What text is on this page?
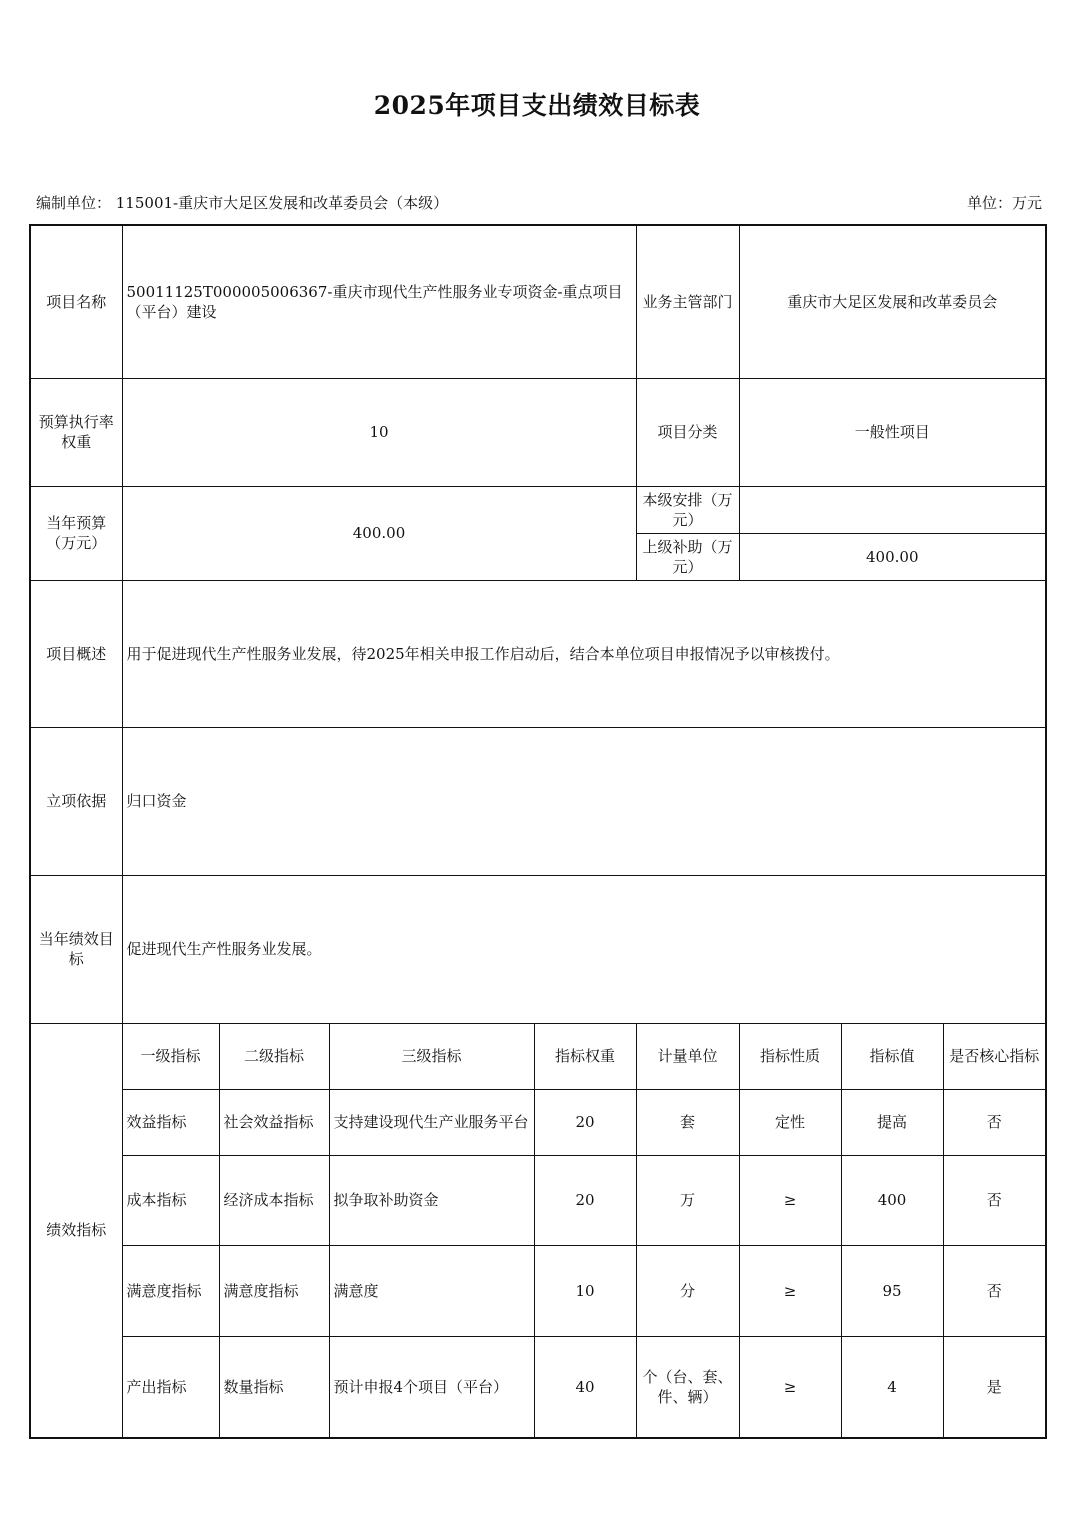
2025年项目支出绩效目标表
编制单位： 115001-重庆市大足区发展和改革委员会（本级）	单位：万元
项目名称	50011125T000005006367-重庆市现代生产性服务业专项资金-重点项目（平台）建设				业务主管部门	重庆市大足区发展和改革委员会		
预算执行率权重	10				项目分类	一般性项目		
当年预算（万元）	400.00				本级安排（万元）			
					上级补助（万元）	400.00		
项目概述	用于促进现代生产性服务业发展，待2025年相关申报工作启动后，结合本单位项目申报情况予以审核拨付。							
立项依据	归口资金							
当年绩效目标	促进现代生产性服务业发展。							
绩效指标	一级指标	二级指标	三级指标	指标权重	计量单位	指标性质	指标值	是否核心指标
	效益指标	社会效益指标	支持建设现代生产业服务平台	20	套	定性	提高	否
	成本指标	经济成本指标	拟争取补助资金	20	万	≥	400	否
	满意度指标	满意度指标	满意度	10	分	≥	95	否
	产出指标	数量指标	预计申报4个项目（平台）	40	个（台、套、件、辆）	≥	4	是
